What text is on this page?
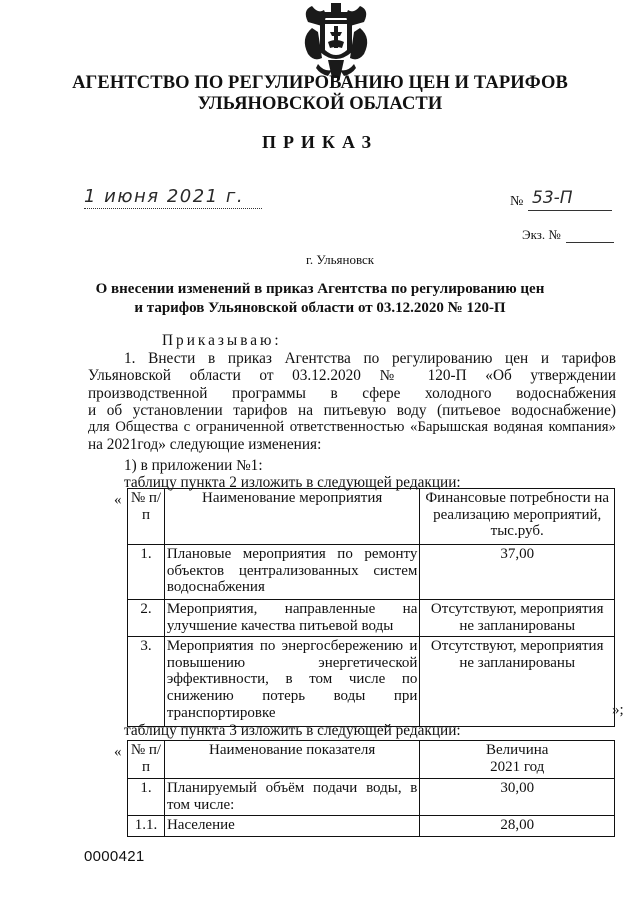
АГЕНТСТВО ПО РЕГУЛИРОВАНИЮ ЦЕН И ТАРИФОВ
УЛЬЯНОВСКОЙ ОБЛАСТИ
ПРИКАЗ
1 июня 2021 г.	№ 53-П
Экз. №
г. Ульяновск
О внесении изменений в приказ Агентства по регулированию цен
и тарифов Ульяновской области от 03.12.2020 № 120-П
Приказываю:
1. Внести в приказ Агентства по регулированию цен и тарифов
Ульяновской области от 03.12.2020 № 120-П «Об утверждении
производственной программы в сфере холодного водоснабжения
и об установлении тарифов на питьевую воду (питьевое водоснабжение)
для Общества с ограниченной ответственностью «Барышская водяная компания»
на 2021год» следующие изменения:
1) в приложении №1:
таблицу пункта 2 изложить в следующей редакции:
« № п/п	Наименование мероприятия	Финансовые потребности на реализацию мероприятий, тыс.руб.
1.	Плановые мероприятия по ремонту объектов централизованных систем водоснабжения	37,00
2.	Мероприятия, направленные на улучшение качества питьевой воды	Отсутствуют, мероприятия не запланированы
3.	Мероприятия по энергосбережению и повышению энергетической эффективности, в том числе по снижению потерь воды при транспортировке	Отсутствуют, мероприятия не запланированы
»;
таблицу пункта 3 изложить в следующей редакции:
« № п/п	Наименование показателя	Величина
2021 год

1.	Планируемый объём подачи воды, в том числе:	30,00
1.1.	Население	28,00
0000421
